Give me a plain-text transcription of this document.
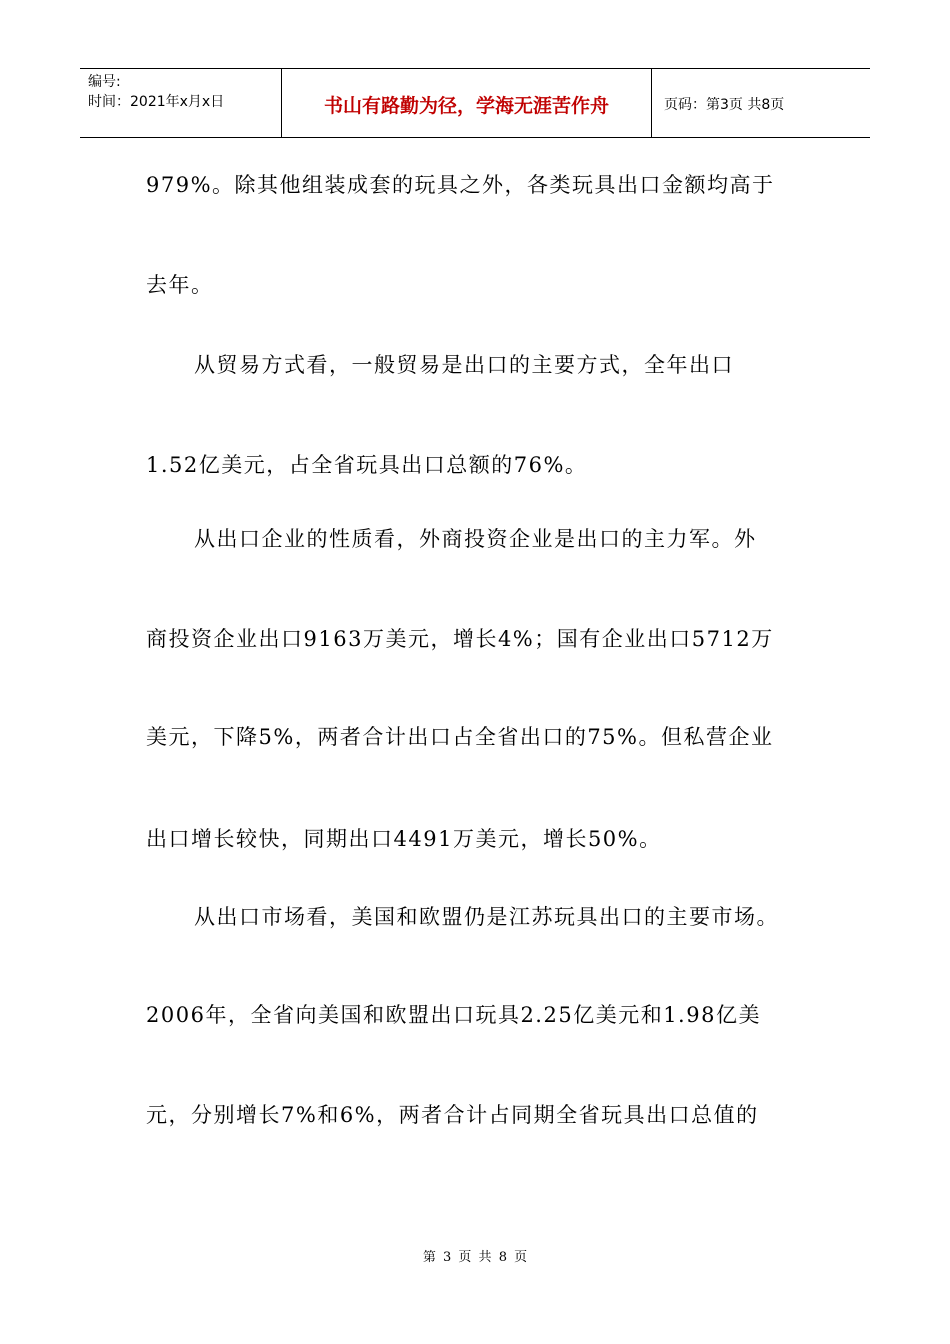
编号:
时间：2021年x月x日	书山有路勤为径，学海无涯苦作舟	页码：第3页 共8页
979%。除其他组装成套的玩具之外，各类玩具出口金额均高于
去年。
从贸易方式看，一般贸易是出口的主要方式，全年出口
1.52亿美元，占全省玩具出口总额的76%。
从出口企业的性质看，外商投资企业是出口的主力军。外
商投资企业出口9163万美元，增长4%；国有企业出口5712万
美元，下降5%，两者合计出口占全省出口的75%。但私营企业
出口增长较快，同期出口4491万美元，增长50%。
从出口市场看，美国和欧盟仍是江苏玩具出口的主要市场。
2006年，全省向美国和欧盟出口玩具2.25亿美元和1.98亿美
元，分别增长7%和6%，两者合计占同期全省玩具出口总值的
第 3 页 共 8 页
